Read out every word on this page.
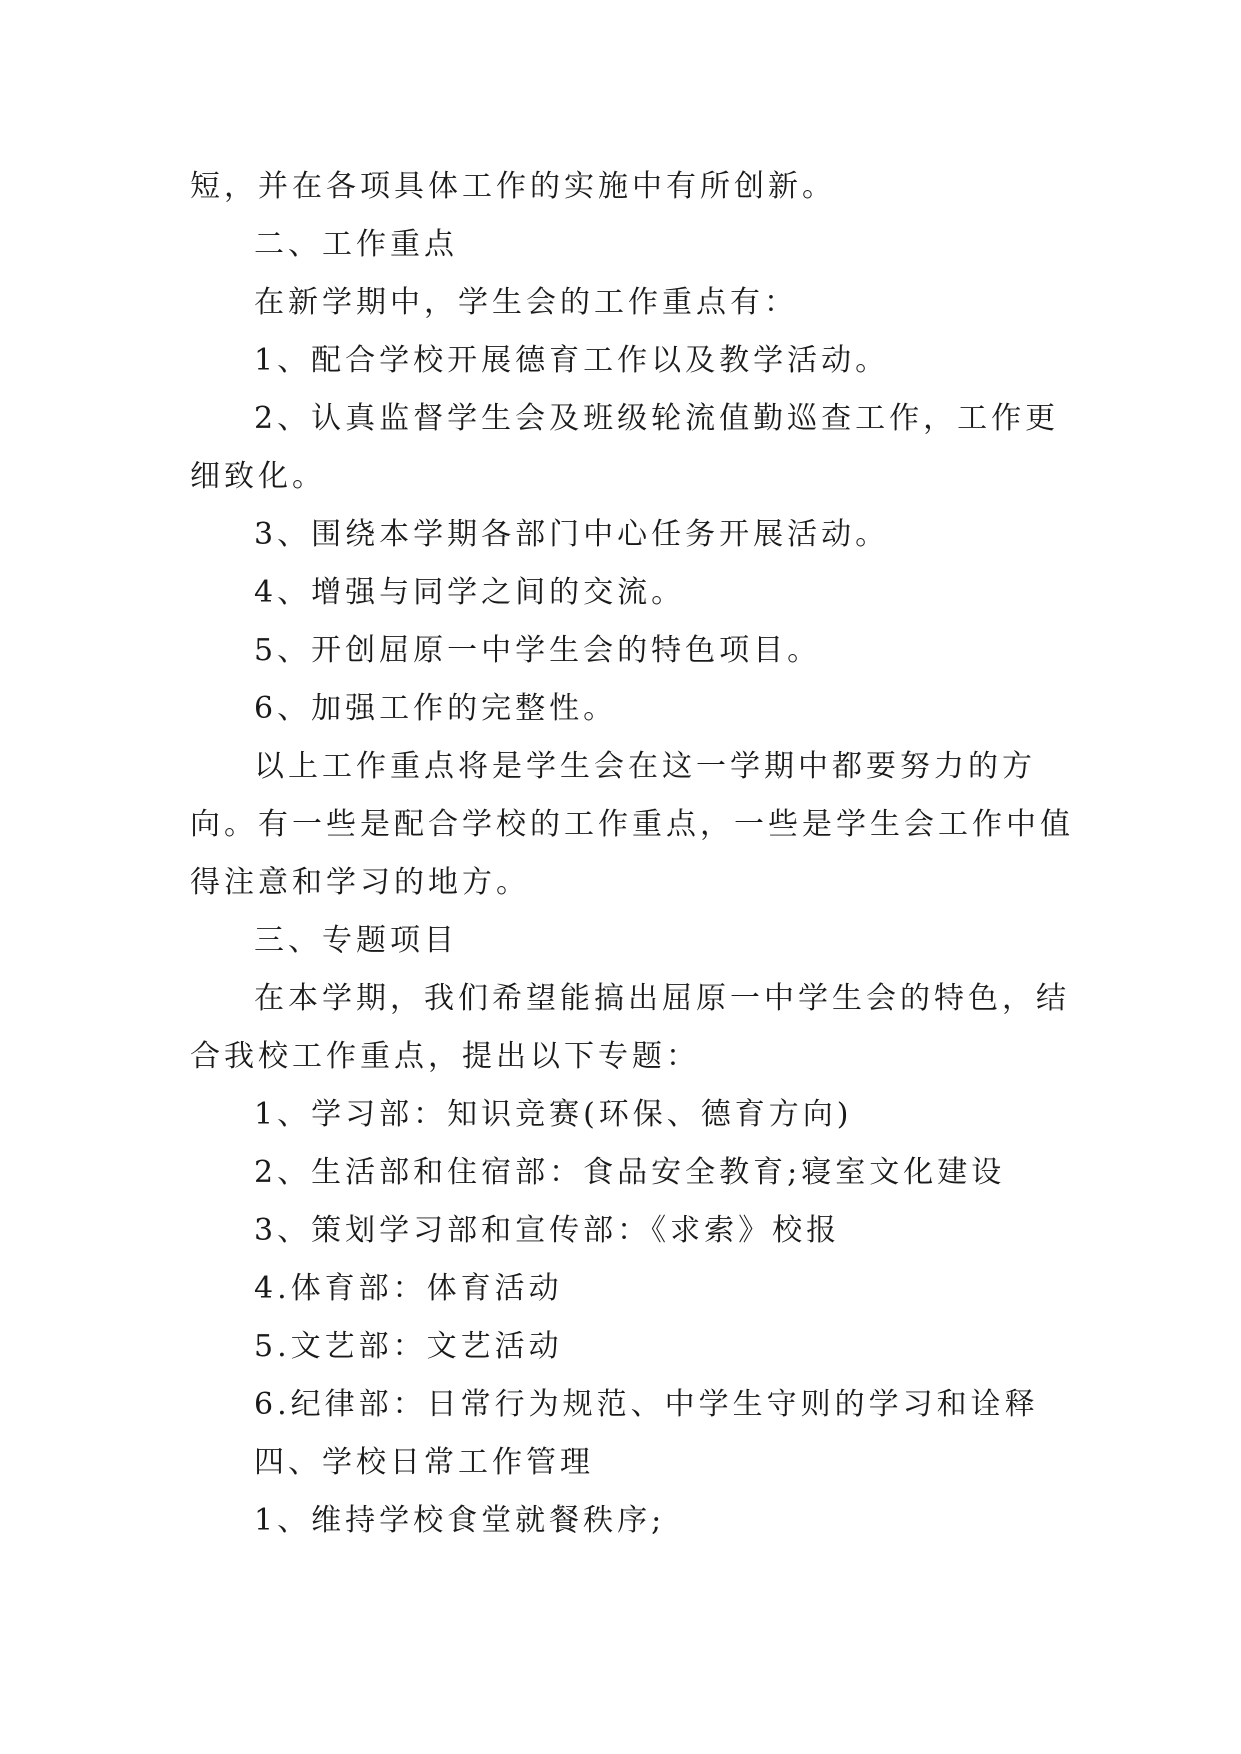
短，并在各项具体工作的实施中有所创新。

二、工作重点

在新学期中，学生会的工作重点有：

1、配合学校开展德育工作以及教学活动。

2、认真监督学生会及班级轮流值勤巡查工作，工作更

细致化。

3、围绕本学期各部门中心任务开展活动。

4、增强与同学之间的交流。

5、开创屈原一中学生会的特色项目。

6、加强工作的完整性。

以上工作重点将是学生会在这一学期中都要努力的方

向。有一些是配合学校的工作重点，一些是学生会工作中值

得注意和学习的地方。

三、专题项目

在本学期，我们希望能搞出屈原一中学生会的特色，结

合我校工作重点，提出以下专题：

1、学习部：知识竞赛(环保、德育方向)

2、生活部和住宿部：食品安全教育;寝室文化建设

3、策划学习部和宣传部：《求索》校报

4.体育部：体育活动

5.文艺部：文艺活动

6.纪律部：日常行为规范、中学生守则的学习和诠释

四、学校日常工作管理

1、维持学校食堂就餐秩序;
